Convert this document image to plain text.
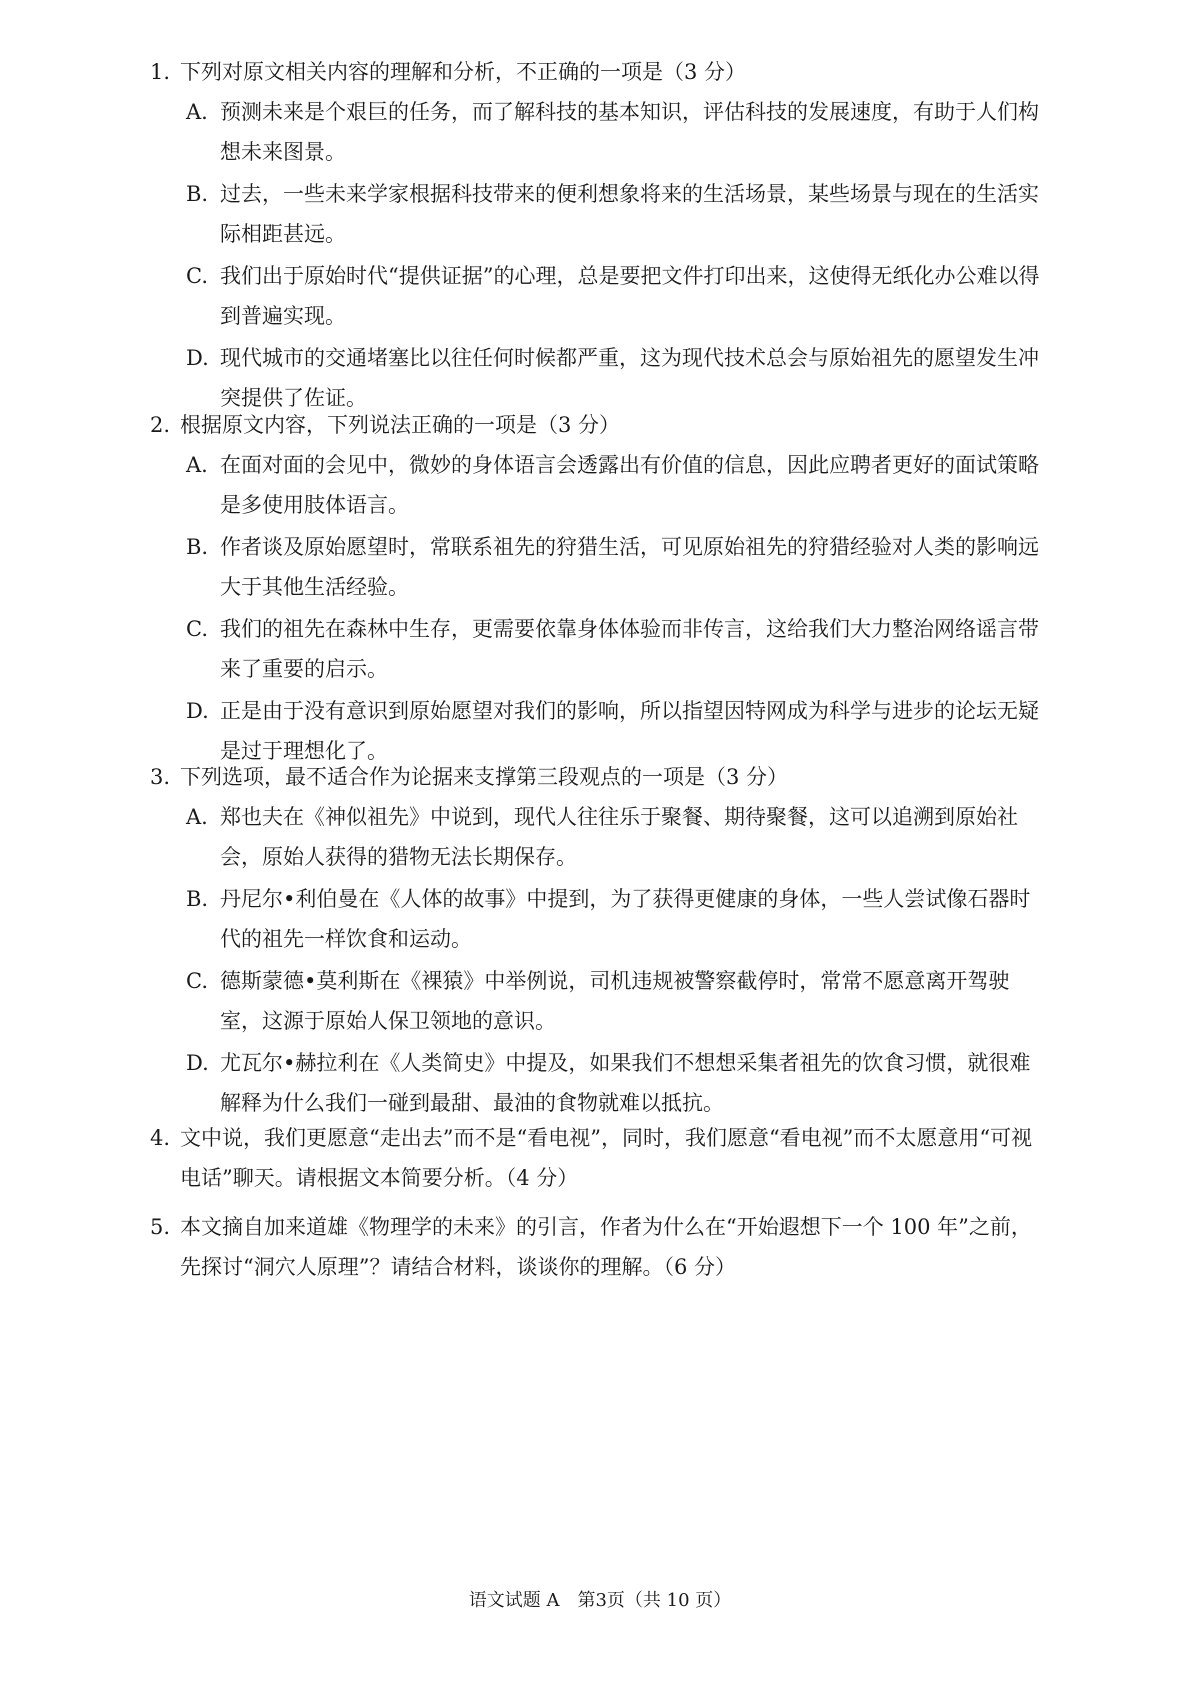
1. 下列对原文相关内容的理解和分析，不正确的一项是（3 分）
A. 预测未来是个艰巨的任务，而了解科技的基本知识，评估科技的发展速度，有助于人们构想未来图景。
B. 过去，一些未来学家根据科技带来的便利想象将来的生活场景，某些场景与现在的生活实际相距甚远。
C. 我们出于原始时代“提供证据”的心理，总是要把文件打印出来，这使得无纸化办公难以得到普遍实现。
D. 现代城市的交通堵塞比以往任何时候都严重，这为现代技术总会与原始祖先的愿望发生冲突提供了佐证。
2. 根据原文内容，下列说法正确的一项是（3 分）
A. 在面对面的会见中，微妙的身体语言会透露出有价值的信息，因此应聘者更好的面试策略是多使用肢体语言。
B. 作者谈及原始愿望时，常联系祖先的狩猎生活，可见原始祖先的狩猎经验对人类的影响远大于其他生活经验。
C. 我们的祖先在森林中生存，更需要依靠身体体验而非传言，这给我们大力整治网络谣言带来了重要的启示。
D. 正是由于没有意识到原始愿望对我们的影响，所以指望因特网成为科学与进步的论坛无疑是过于理想化了。
3. 下列选项，最不适合作为论据来支撑第三段观点的一项是（3 分）
A. 郑也夫在《神似祖先》中说到，现代人往往乐于聚餐、期待聚餐，这可以追溯到原始社会，原始人获得的猎物无法长期保存。
B. 丹尼尔•利伯曼在《人体的故事》中提到，为了获得更健康的身体，一些人尝试像石器时代的祖先一样饮食和运动。
C. 德斯蒙德•莫利斯在《裸猿》中举例说，司机违规被警察截停时，常常不愿意离开驾驶室，这源于原始人保卫领地的意识。
D. 尤瓦尔•赫拉利在《人类简史》中提及，如果我们不想想采集者祖先的饮食习惯，就很难解释为什么我们一碰到最甜、最油的食物就难以抵抗。
4. 文中说，我们更愿意“走出去”而不是“看电视”，同时，我们愿意“看电视”而不太愿意用“可视电话”聊天。请根据文本简要分析。（4 分）
5. 本文摘自加来道雄《物理学的未来》的引言，作者为什么在“开始遐想下一个 100 年”之前，先探讨“洞穴人原理”？请结合材料，谈谈你的理解。（6 分）
语文试题 A　第3页（共 10 页）
